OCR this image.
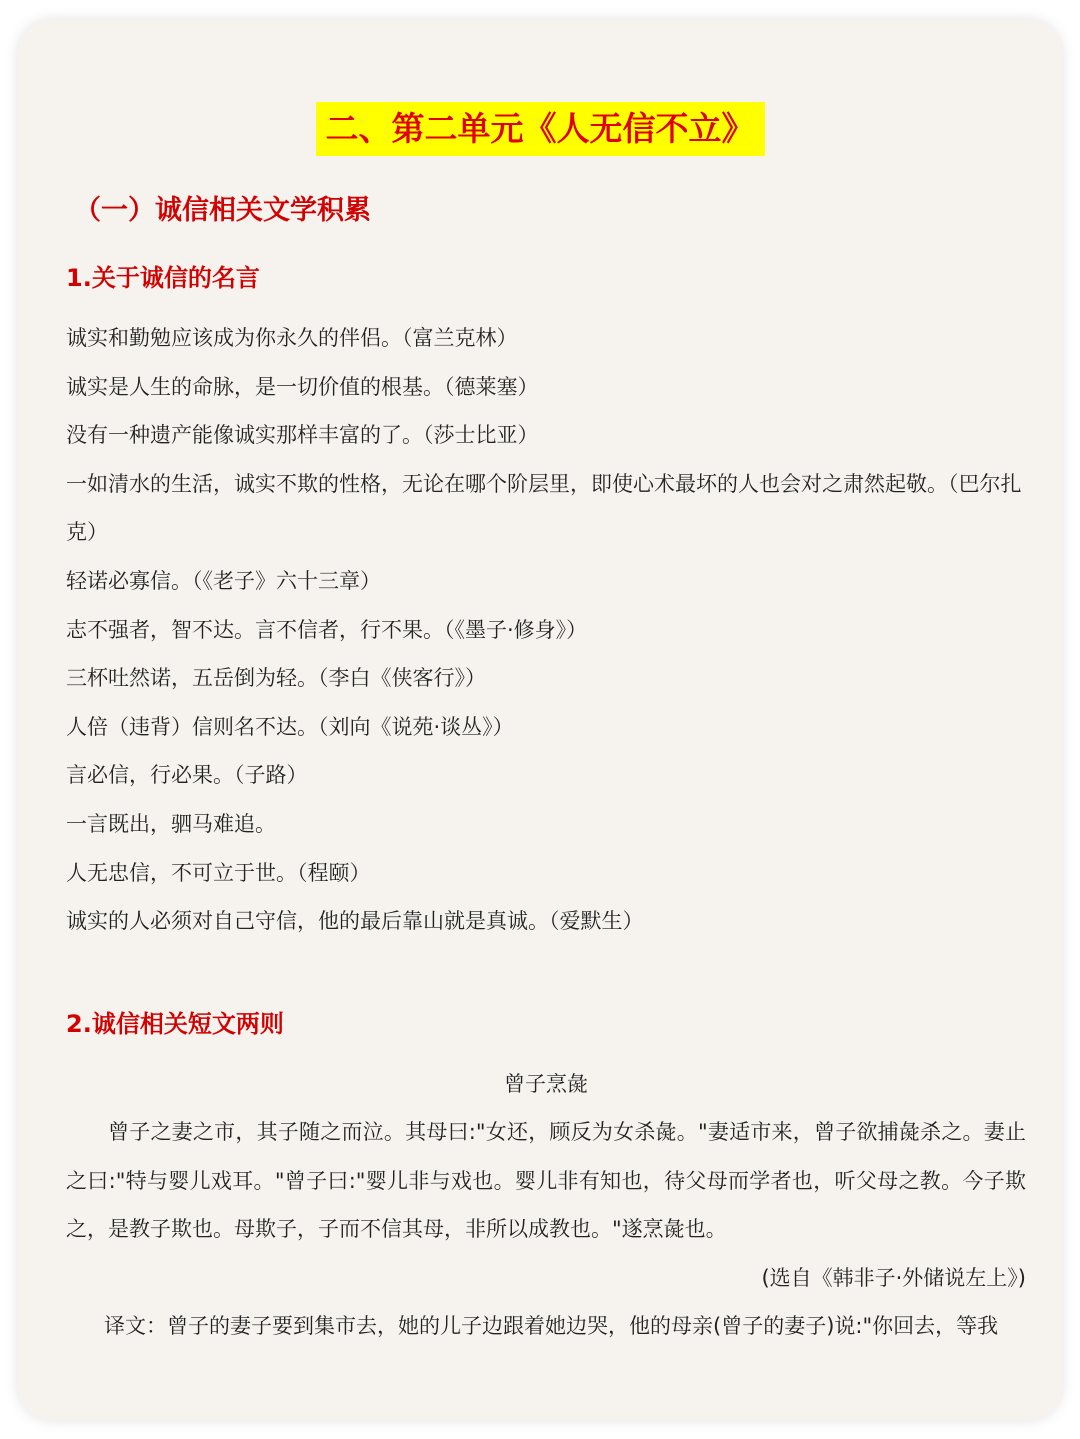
二、第二单元《人无信不立》
（一）诚信相关文学积累
1.关于诚信的名言
诚实和勤勉应该成为你永久的伴侣。（富兰克林）
诚实是人生的命脉，是一切价值的根基。（德莱塞）
没有一种遗产能像诚实那样丰富的了。（莎士比亚）
一如清水的生活，诚实不欺的性格，无论在哪个阶层里，即使心术最坏的人也会对之肃然起敬。（巴尔扎克）
轻诺必寡信。（《老子》六十三章）
志不强者，智不达。言不信者，行不果。（《墨子·修身》）
三杯吐然诺，五岳倒为轻。（李白《侠客行》）
人倍（违背）信则名不达。（刘向《说苑·谈丛》）
言必信，行必果。（子路）
一言既出，驷马难追。
人无忠信，不可立于世。（程颐）
诚实的人必须对自己守信，他的最后靠山就是真诚。（爱默生）
2.诚信相关短文两则
曾子烹彘
曾子之妻之市，其子随之而泣。其母曰:"女还，顾反为女杀彘。"妻适市来，曾子欲捕彘杀之。妻止之曰:"特与婴儿戏耳。"曾子曰:"婴儿非与戏也。婴儿非有知也，待父母而学者也，听父母之教。今子欺之，是教子欺也。母欺子，子而不信其母，非所以成教也。"遂烹彘也。
(选自《韩非子·外储说左上》)
译文：曾子的妻子要到集市去，她的儿子边跟着她边哭，他的母亲(曾子的妻子)说:"你回去，等我
